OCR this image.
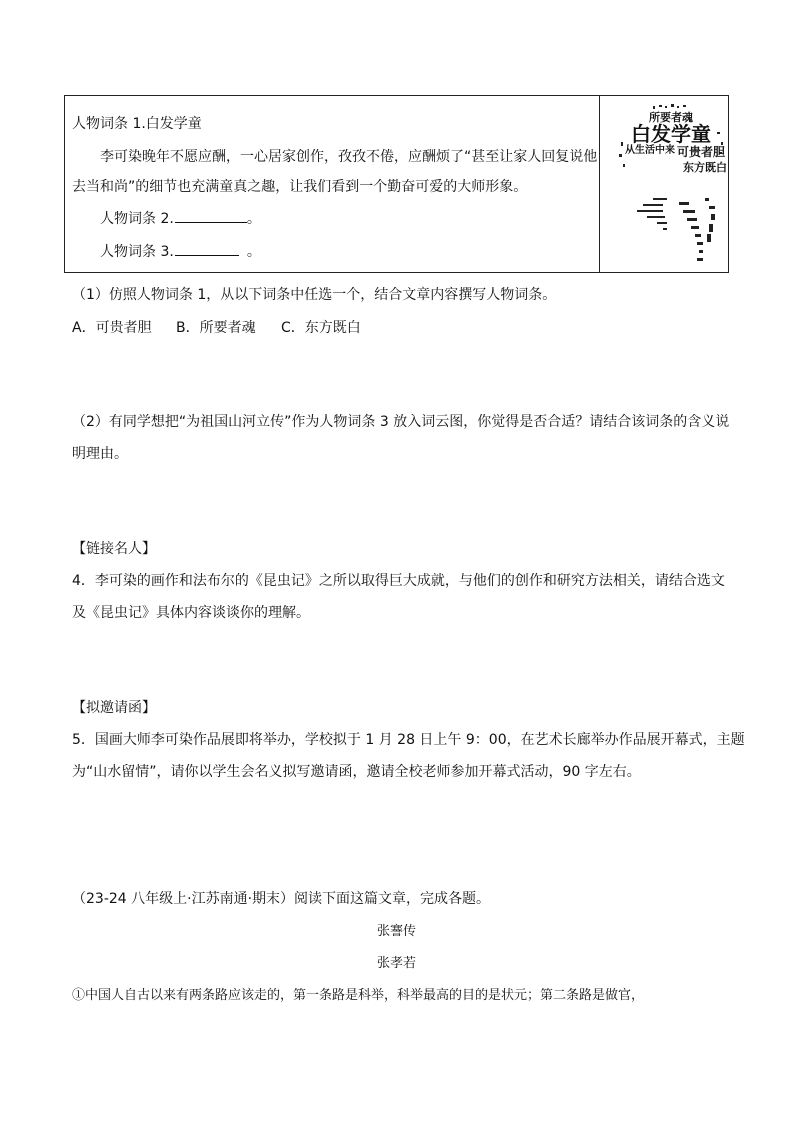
人物词条 1.白发学童
李可染晚年不愿应酬，一心居家创作，孜孜不倦，应酬烦了“甚至让家人回复说他
去当和尚”的细节也充满童真之趣，让我们看到一个勤奋可爱的大师形象。
人物词条 2.	。
人物词条 3.	。
所要者魂
白发学童
从生活中来 可贵者胆
东方既白
（1）仿照人物词条 1，从以下词条中任选一个，结合文章内容撰写人物词条。
A．可贵者胆 B．所要者魂 C．东方既白
（2）有同学想把“为祖国山河立传”作为人物词条 3 放入词云图，你觉得是否合适？请结合该词条的含义说
明理由。
【链接名人】
4．李可染的画作和法布尔的《昆虫记》之所以取得巨大成就，与他们的创作和研究方法相关，请结合选文
及《昆虫记》具体内容谈谈你的理解。
【拟邀请函】
5．国画大师李可染作品展即将举办，学校拟于 1 月 28 日上午 9：00，在艺术长廊举办作品展开幕式，主题
为“山水留情”，请你以学生会名义拟写邀请函，邀请全校老师参加开幕式活动，90 字左右。
（23-24 八年级上·江苏南通·期末）阅读下面这篇文章，完成各题。
张謇传
张孝若
①中国人自古以来有两条路应该走的，第一条路是科举，科举最高的目的是状元；第二条路是做官，
